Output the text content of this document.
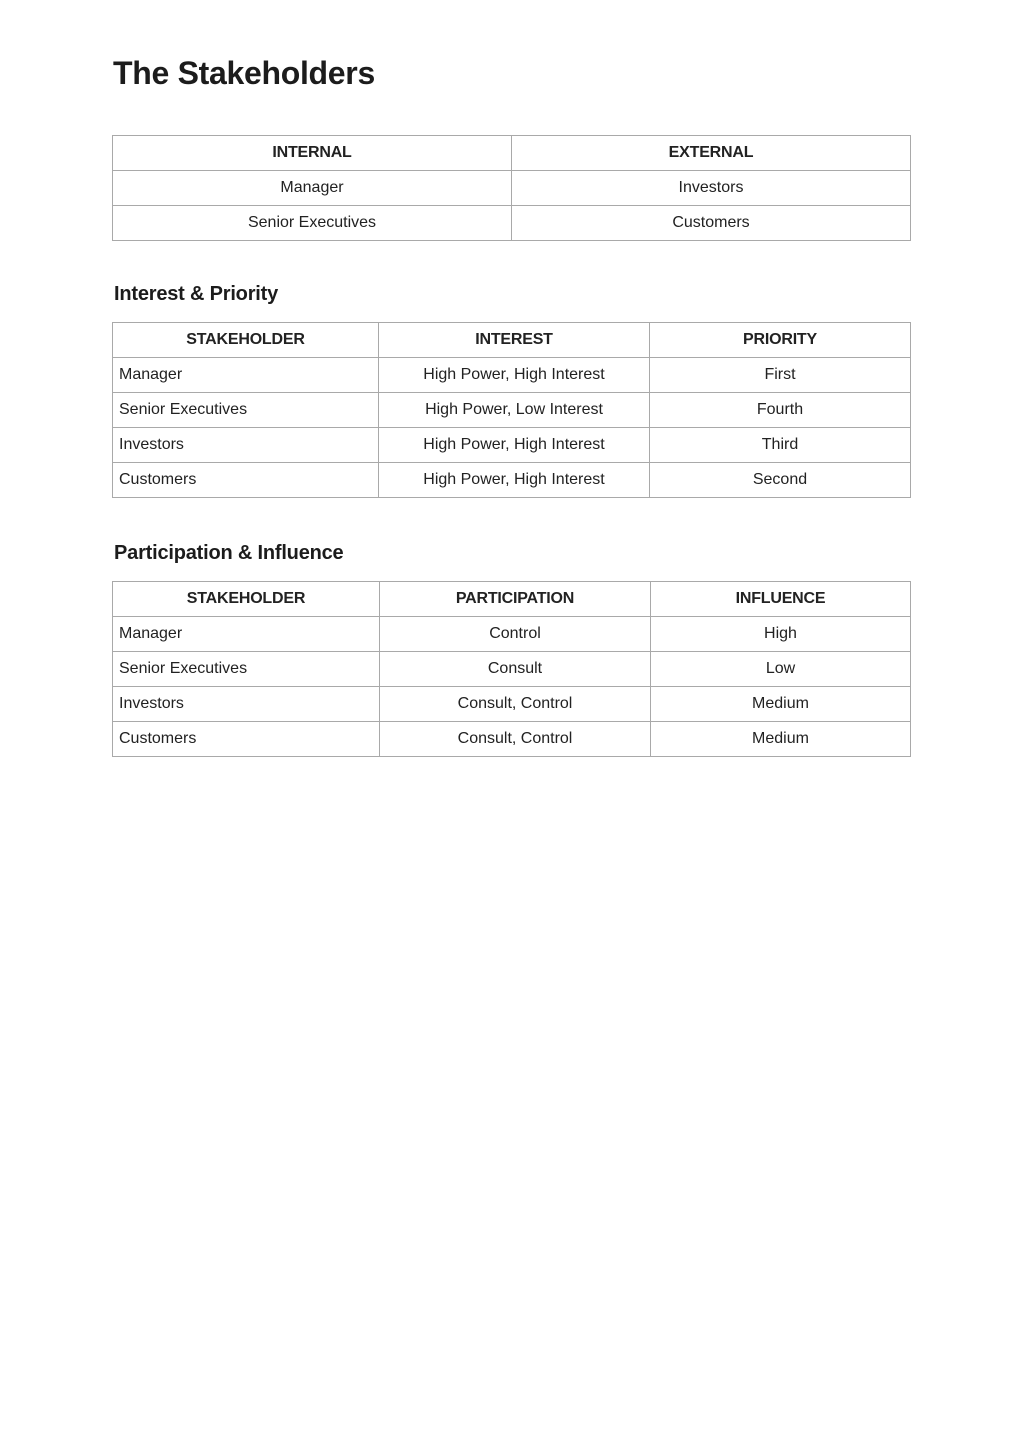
The Stakeholders
INTERNAL	EXTERNAL
Manager	Investors
Senior Executives	Customers
Interest & Priority
STAKEHOLDER	INTEREST	PRIORITY
Manager	High Power, High Interest	First
Senior Executives	High Power, Low Interest	Fourth
Investors	High Power, High Interest	Third
Customers	High Power, High Interest	Second
Participation & Influence
STAKEHOLDER	PARTICIPATION	INFLUENCE
Manager	Control	High
Senior Executives	Consult	Low
Investors	Consult, Control	Medium
Customers	Consult, Control	Medium
